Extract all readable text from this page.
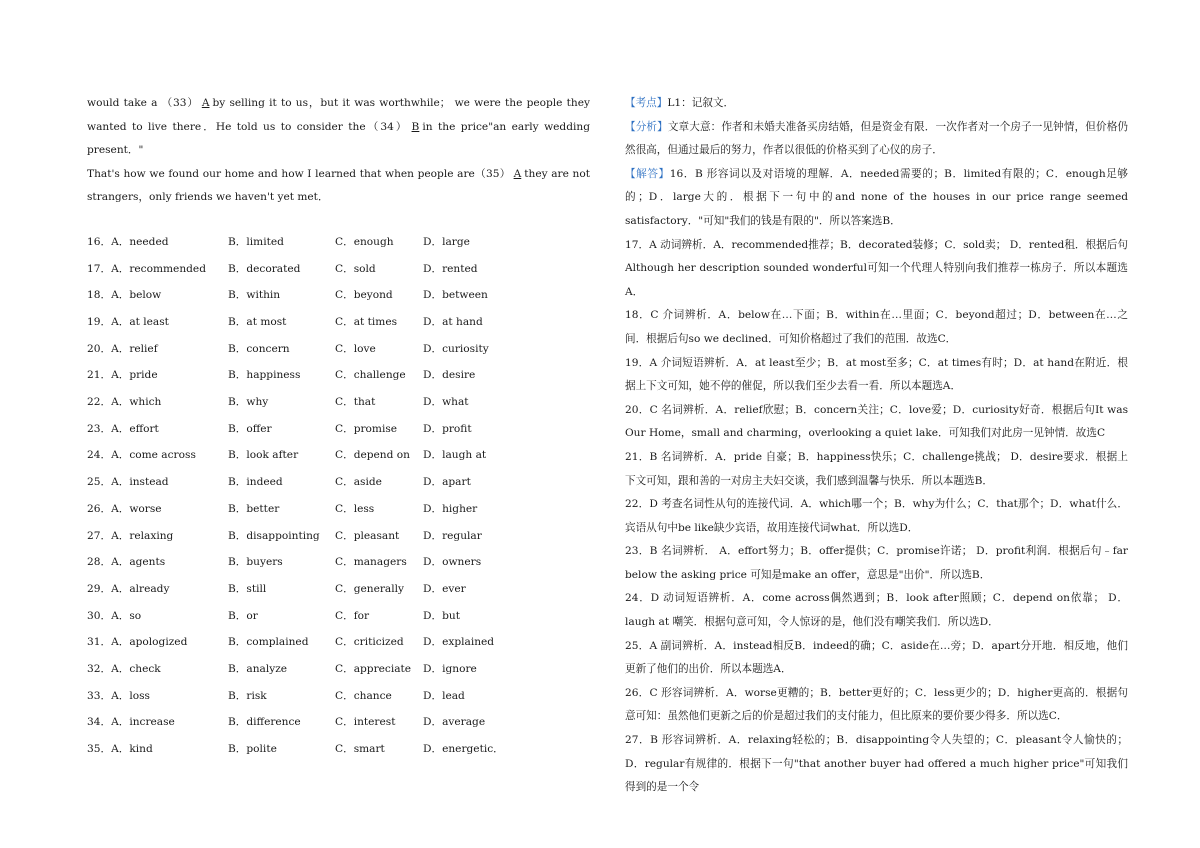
would take a （33） A by selling it to us，but it was worthwhile； we were the people they wanted to live there．He told us to consider the（34） B in the price"an early wedding present．"

That's how we found our home and how I learned that when people are（35） A they are not strangers，only friends we haven't yet met．

16．A．needed	B．limited	C．enough	D．large
17．A．recommended B．decorated	C．sold	D．rented
18．A．below	B．within	C．beyond	D．between
19．A．at least	B．at most	C．at times D．at hand
20．A．relief	B．concern	C．love	D．curiosity
21．A．pride	B．happiness	C．challenge D．desire
22．A．which	B．why	C．that	D．what
23．A．effort	B．offer	C．promise D．profit
24．A．come across	B．look after	C．depend on D．laugh at
25．A．instead	B．indeed	C．aside	D．apart
26．A．worse	B．better	C．less	D．higher
27．A．relaxing	B．disappointing C．pleasant D．regular
28．A．agents	B．buyers	C．managers D．owners
29．A．already	B．still	C．generally D．ever
30．A．so	B．or	C．for	D．but
31．A．apologized	B．complained	C．criticized D．explained
32．A．check	B．analyze	C．appreciate D．ignore
33．A．loss	B．risk	C．chance	D．lead
34．A．increase	B．difference	C．interest	D．average
35．A．kind	B．polite	C．smart	D．energetic．

【考点】L1：记叙文．

【分析】文章大意：作者和未婚夫准备买房结婚，但是资金有限．一次作者对一个房子一见钟情，但价格仍然很高，但通过最后的努力，作者以很低的价格买到了心仪的房子．

【解答】16．B 形容词以及对语境的理解．A．needed需要的；B．limited有限的；C．enough足够的；D．large大的．根据下一句中的and none of the houses in our price range seemed satisfactory．"可知"我们的钱是有限的"．所以答案选B．

17．A 动词辨析．A．recommended推荐；B．decorated装修；C．sold卖； D．rented租．根据后句Although her description sounded wonderful可知一个代理人特别向我们推荐一栋房子．所以本题选A．

18．C 介词辨析．A．below在…下面；B．within在…里面；C．beyond超过；D．between在…之间．根据后句so we declined．可知价格超过了我们的范围．故选C．

19．A 介词短语辨析．A．at least至少；B．at most至多；C．at times有时；D．at hand在附近．根据上下文可知，她不停的催促，所以我们至少去看一看．所以本题选A．

20．C 名词辨析．A．relief欣慰；B．concern关注；C．love爱；D．curiosity好奇．根据后句It was Our Home，small and charming，overlooking a quiet lake．可知我们对此房一见钟情．故选C

21．B 名词辨析．A．pride 自豪；B．happiness快乐；C．challenge挑战； D．desire要求．根据上下文可知，跟和善的一对房主夫妇交谈，我们感到温馨与快乐．所以本题选B．

22．D 考查名词性从句的连接代词．A．which哪一个；B．why为什么；C．that那个；D．what什么．宾语从句中be like缺少宾语，故用连接代词what．所以选D．

23．B 名词辨析． A．effort努力；B．offer提供；C．promise许诺； D．profit利润．根据后句﹣far below the asking price 可知是make an offer，意思是"出价"．所以选B．

24．D 动词短语辨析．A．come across偶然遇到；B．look after照顾；C．depend on依靠； D．laugh at 嘲笑．根据句意可知，令人惊讶的是，他们没有嘲笑我们．所以选D．

25．A 副词辨析．A．instead相反B．indeed的确；C．aside在…旁；D．apart分开地．相反地，他们更新了他们的出价．所以本题选A．

26．C 形容词辨析．A．worse更糟的；B．better更好的；C．less更少的；D．higher更高的．根据句意可知：虽然他们更新之后的价是超过我们的支付能力，但比原来的要价要少得多．所以选C．

27．B 形容词辨析．A．relaxing轻松的；B．disappointing令人失望的；C．pleasant令人愉快的；D．regular有规律的．根据下一句"that another buyer had offered a much higher price"可知我们得到的是一个令
